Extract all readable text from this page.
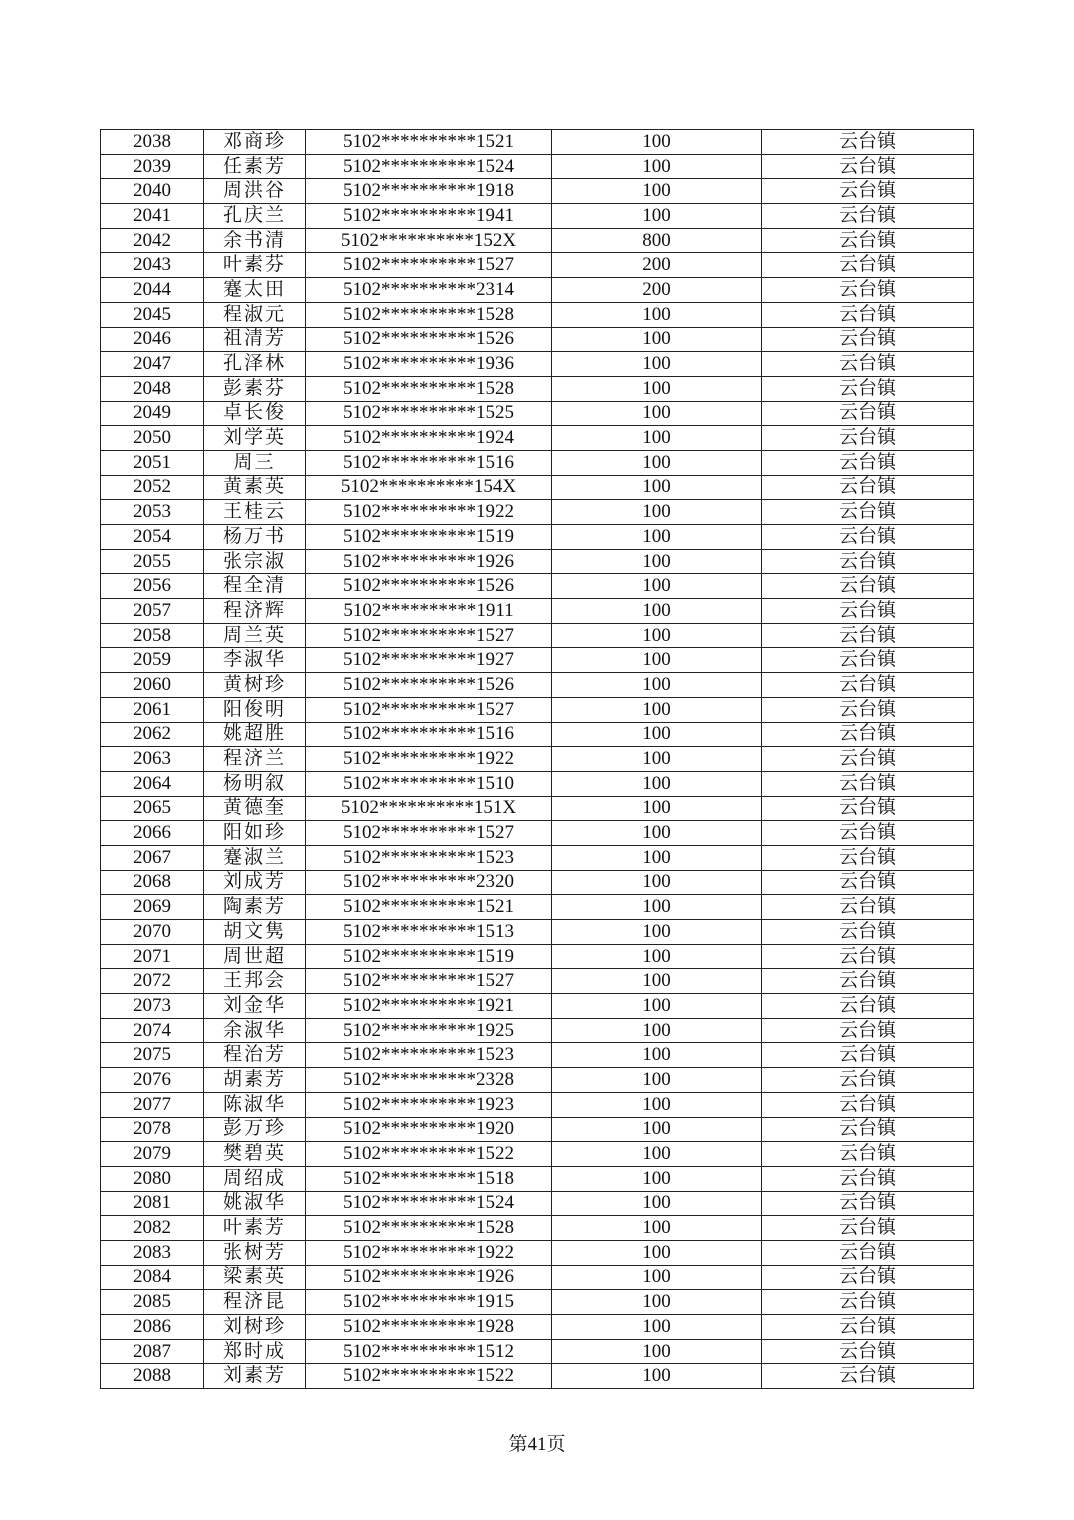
2038	邓商珍	5102**********1521	100	云台镇
2039	任素芳	5102**********1524	100	云台镇
2040	周洪谷	5102**********1918	100	云台镇
2041	孔庆兰	5102**********1941	100	云台镇
2042	余书清	5102**********152X	800	云台镇
2043	叶素芬	5102**********1527	200	云台镇
2044	蹇太田	5102**********2314	200	云台镇
2045	程淑元	5102**********1528	100	云台镇
2046	祖清芳	5102**********1526	100	云台镇
2047	孔泽林	5102**********1936	100	云台镇
2048	彭素芬	5102**********1528	100	云台镇
2049	卓长俊	5102**********1525	100	云台镇
2050	刘学英	5102**********1924	100	云台镇
2051	周三	5102**********1516	100	云台镇
2052	黄素英	5102**********154X	100	云台镇
2053	王桂云	5102**********1922	100	云台镇
2054	杨万书	5102**********1519	100	云台镇
2055	张宗淑	5102**********1926	100	云台镇
2056	程全清	5102**********1526	100	云台镇
2057	程济辉	5102**********1911	100	云台镇
2058	周兰英	5102**********1527	100	云台镇
2059	李淑华	5102**********1927	100	云台镇
2060	黄树珍	5102**********1526	100	云台镇
2061	阳俊明	5102**********1527	100	云台镇
2062	姚超胜	5102**********1516	100	云台镇
2063	程济兰	5102**********1922	100	云台镇
2064	杨明叙	5102**********1510	100	云台镇
2065	黄德奎	5102**********151X	100	云台镇
2066	阳如珍	5102**********1527	100	云台镇
2067	蹇淑兰	5102**********1523	100	云台镇
2068	刘成芳	5102**********2320	100	云台镇
2069	陶素芳	5102**********1521	100	云台镇
2070	胡文隽	5102**********1513	100	云台镇
2071	周世超	5102**********1519	100	云台镇
2072	王邦会	5102**********1527	100	云台镇
2073	刘金华	5102**********1921	100	云台镇
2074	余淑华	5102**********1925	100	云台镇
2075	程治芳	5102**********1523	100	云台镇
2076	胡素芳	5102**********2328	100	云台镇
2077	陈淑华	5102**********1923	100	云台镇
2078	彭万珍	5102**********1920	100	云台镇
2079	樊碧英	5102**********1522	100	云台镇
2080	周绍成	5102**********1518	100	云台镇
2081	姚淑华	5102**********1524	100	云台镇
2082	叶素芳	5102**********1528	100	云台镇
2083	张树芳	5102**********1922	100	云台镇
2084	梁素英	5102**********1926	100	云台镇
2085	程济昆	5102**********1915	100	云台镇
2086	刘树珍	5102**********1928	100	云台镇
2087	郑时成	5102**********1512	100	云台镇
2088	刘素芳	5102**********1522	100	云台镇
第41页
